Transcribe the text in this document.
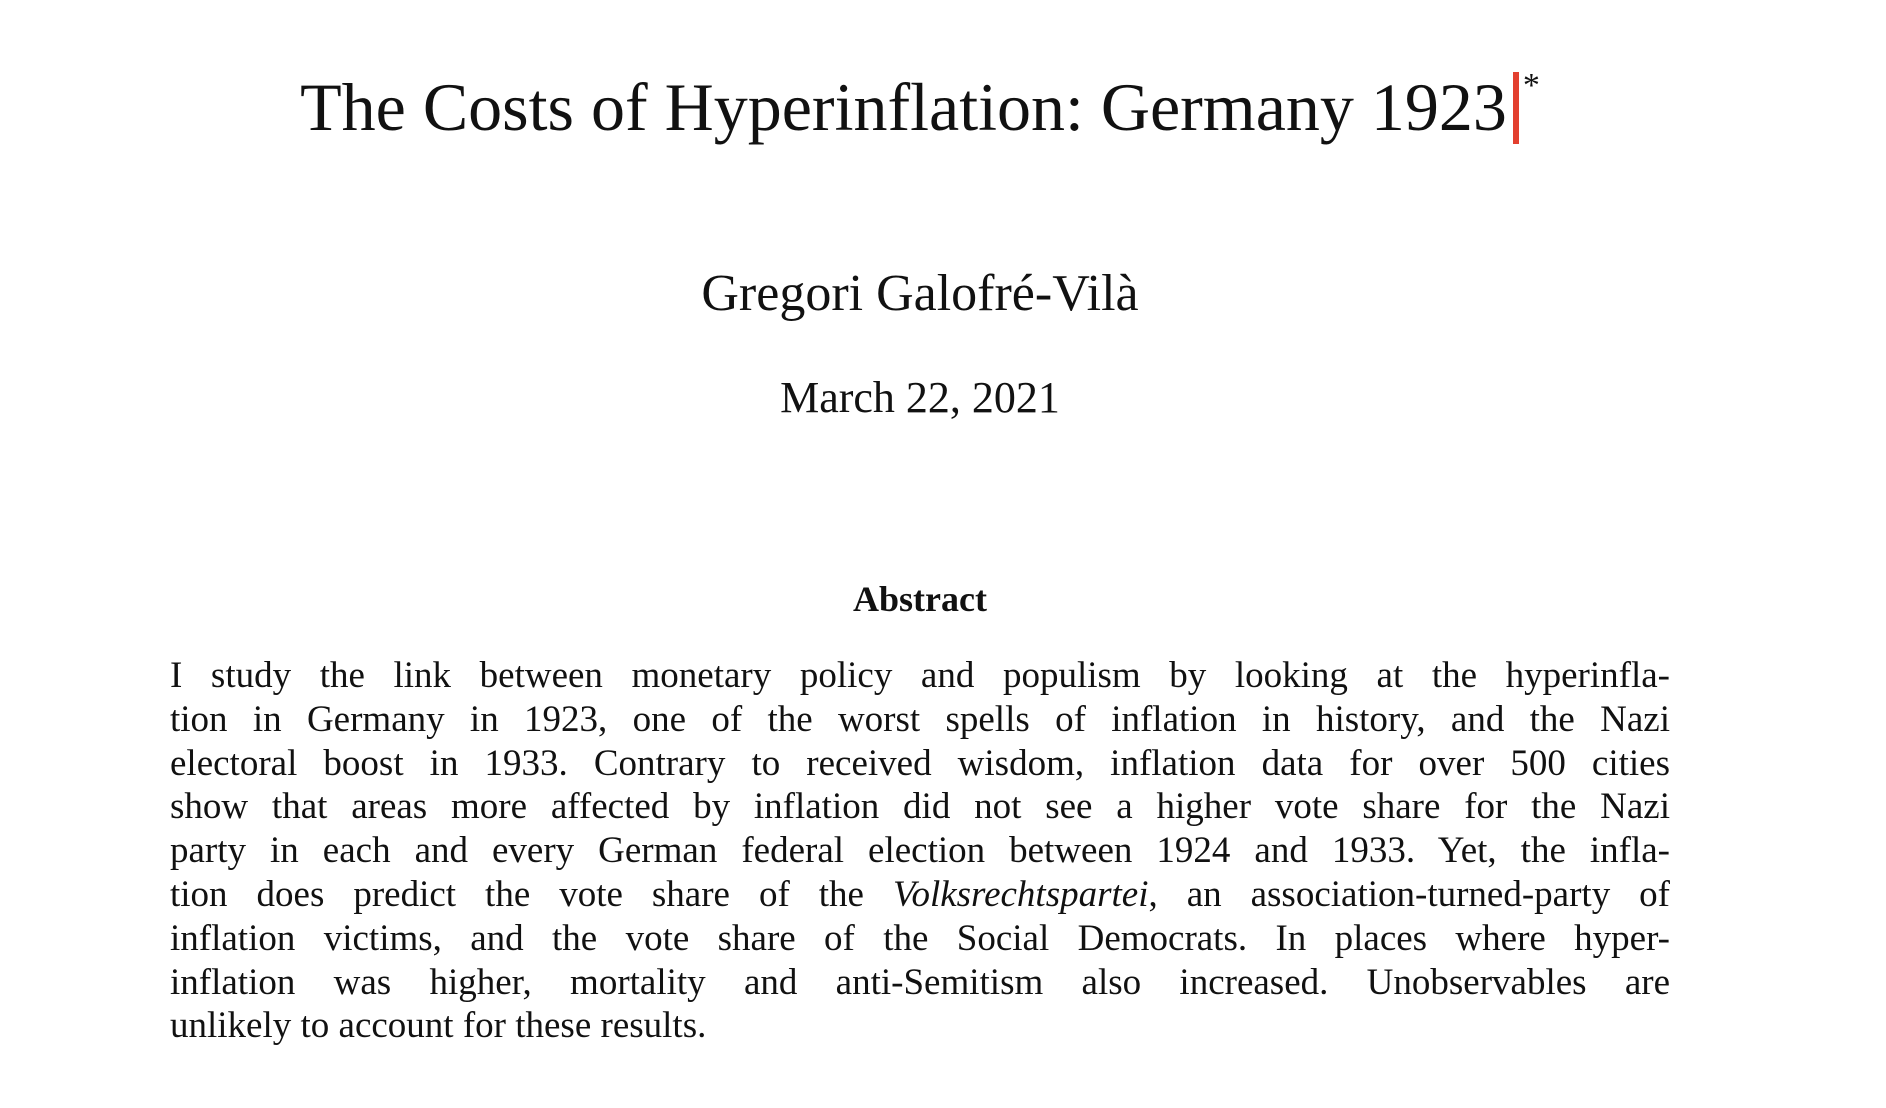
The Costs of Hyperinflation: Germany 1923 *
Gregori Galofré-Vilà
March 22, 2021
Abstract
I study the link between monetary policy and populism by looking at the hyperinfla-
tion in Germany in 1923, one of the worst spells of inflation in history, and the Nazi
electoral boost in 1933. Contrary to received wisdom, inflation data for over 500 cities
show that areas more affected by inflation did not see a higher vote share for the Nazi
party in each and every German federal election between 1924 and 1933. Yet, the infla-
tion does predict the vote share of the Volksrechtspartei, an association-turned-party of
inflation victims, and the vote share of the Social Democrats. In places where hyper-
inflation was higher, mortality and anti-Semitism also increased. Unobservables are
unlikely to account for these results.
